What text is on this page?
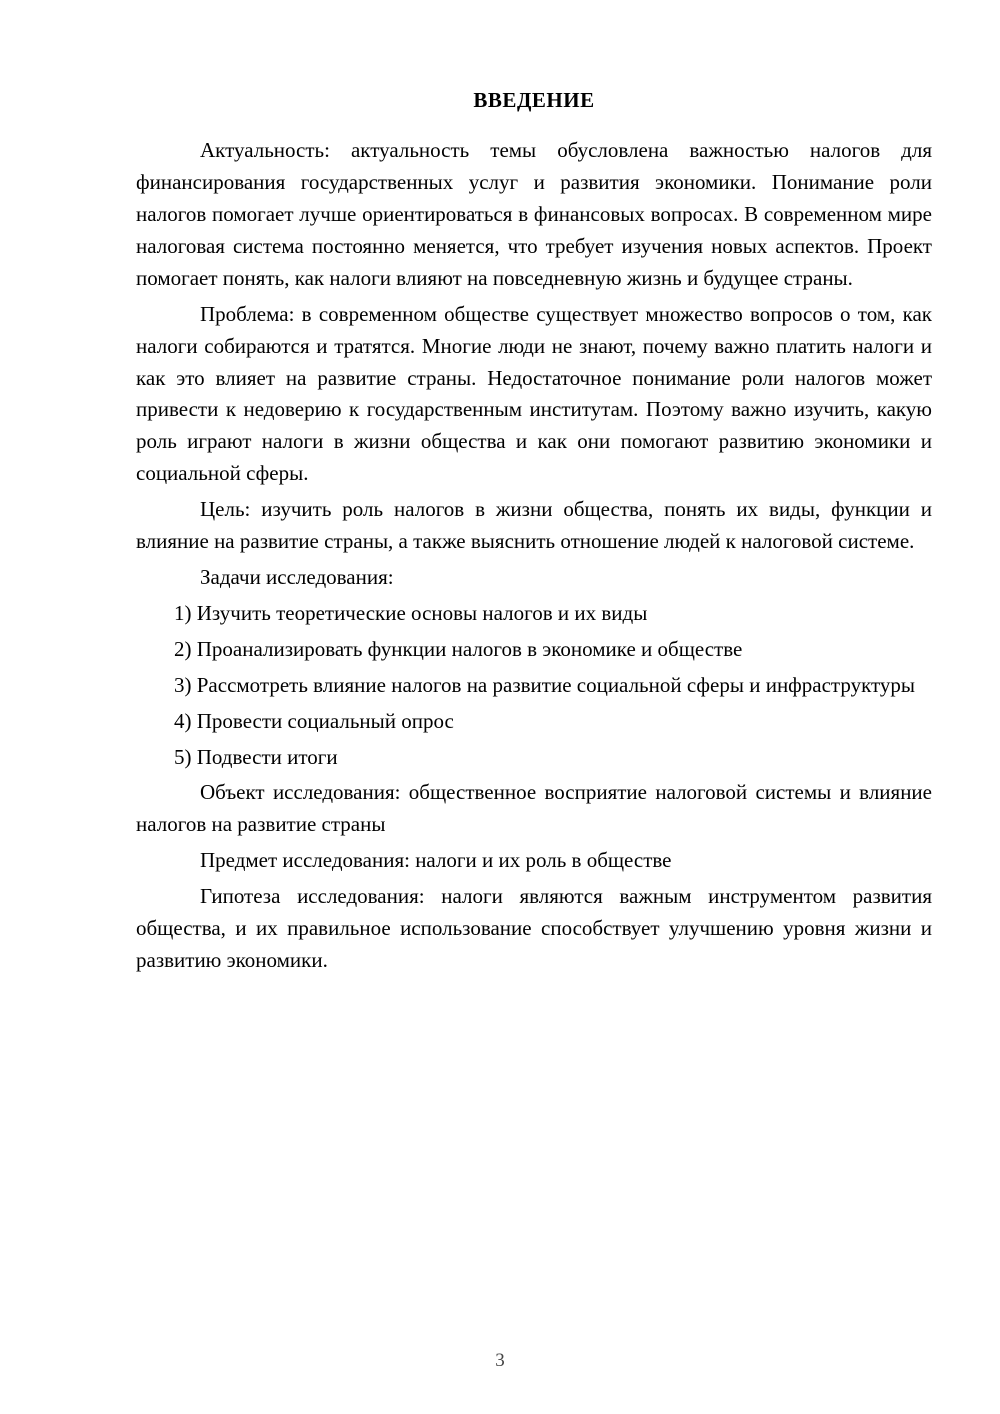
ВВЕДЕНИЕ

Актуальность: актуальность темы обусловлена важностью налогов для финансирования государственных услуг и развития экономики. Понимание роли налогов помогает лучше ориентироваться в финансовых вопросах. В современном мире налоговая система постоянно меняется, что требует изучения новых аспектов. Проект помогает понять, как налоги влияют на повседневную жизнь и будущее страны.

Проблема: в современном обществе существует множество вопросов о том, как налоги собираются и тратятся. Многие люди не знают, почему важно платить налоги и как это влияет на развитие страны. Недостаточное понимание роли налогов может привести к недоверию к государственным институтам. Поэтому важно изучить, какую роль играют налоги в жизни общества и как они помогают развитию экономики и социальной сферы.

Цель: изучить роль налогов в жизни общества, понять их виды, функции и влияние на развитие страны, а также выяснить отношение людей к налоговой системе.

Задачи исследования:

1) Изучить теоретические основы налогов и их виды

2) Проанализировать функции налогов в экономике и обществе

3) Рассмотреть влияние налогов на развитие социальной сферы и инфраструктуры

4) Провести социальный опрос

5) Подвести итоги

Объект исследования: общественное восприятие налоговой системы и влияние налогов на развитие страны

Предмет исследования: налоги и их роль в обществе

Гипотеза исследования: налоги являются важным инструментом развития общества, и их правильное использование способствует улучшению уровня жизни и развитию экономики.

3
